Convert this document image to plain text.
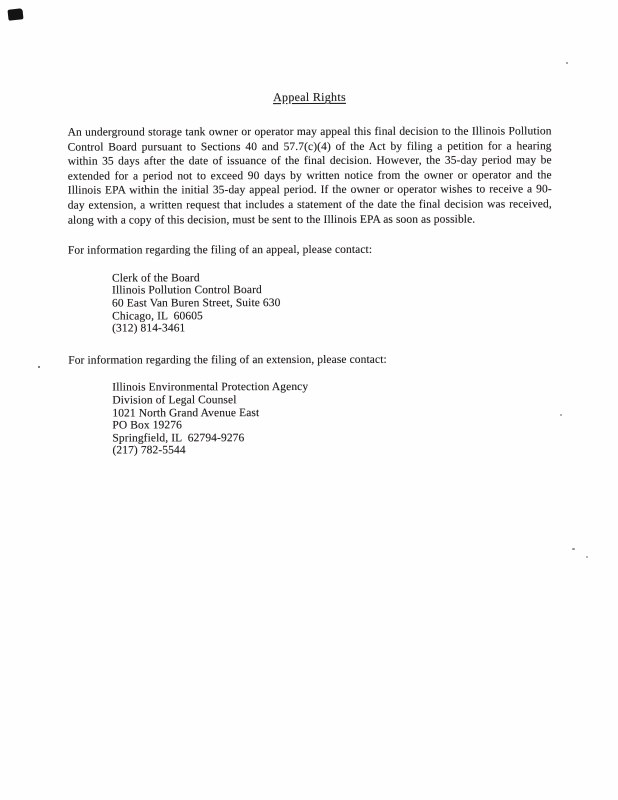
Appeal Rights

An underground storage tank owner or operator may appeal this final decision to the Illinois Pollution Control Board pursuant to Sections 40 and 57.7(c)(4) of the Act by filing a petition for a hearing within 35 days after the date of issuance of the final decision. However, the 35-day period may be extended for a period not to exceed 90 days by written notice from the owner or operator and the Illinois EPA within the initial 35-day appeal period. If the owner or operator wishes to receive a 90-day extension, a written request that includes a statement of the date the final decision was received, along with a copy of this decision, must be sent to the Illinois EPA as soon as possible.

For information regarding the filing of an appeal, please contact:

Clerk of the Board
Illinois Pollution Control Board
60 East Van Buren Street, Suite 630
Chicago, IL  60605
(312) 814-3461

For information regarding the filing of an extension, please contact:

Illinois Environmental Protection Agency
Division of Legal Counsel
1021 North Grand Avenue East
PO Box 19276
Springfield, IL  62794-9276
(217) 782-5544
